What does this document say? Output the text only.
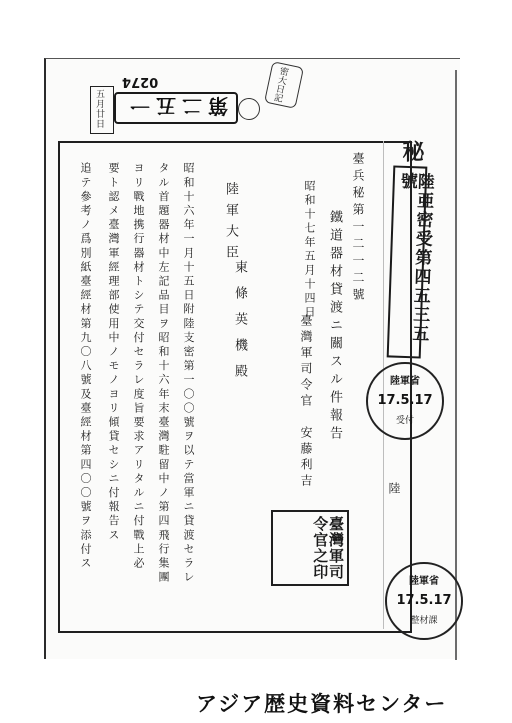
0274
五月廿日 第二五一
密大日記
秘
陸亜密受第四五三五號
臺兵秘第一二一二號
鐵道器材貸渡ニ關スル件報告
昭和十七年五月十四日
臺灣軍司令官　安藤利吉
陸軍大臣
東條英機殿
昭和十六年一月十五日附陸支密第一〇〇號ヲ以テ當軍ニ貸渡セラレ
タル首題器材中左記品目ヲ昭和十六年末臺灣駐留中ノ第四飛行集團
ヨリ戰地携行器材トシテ交付セラレ度旨要求アリタルニ付戰上必
要ト認メ臺灣軍經理部使用中ノモノヨリ傾貸セシニ付報告ス
追テ參考ノ爲別紙臺經材第九〇八號及臺經材第四〇〇號ヲ添付ス	陸
陸軍省
17.5.17
受付
臺灣軍司令官之印
陸軍省
17.5.17
整材課
アジア歴史資料センター
